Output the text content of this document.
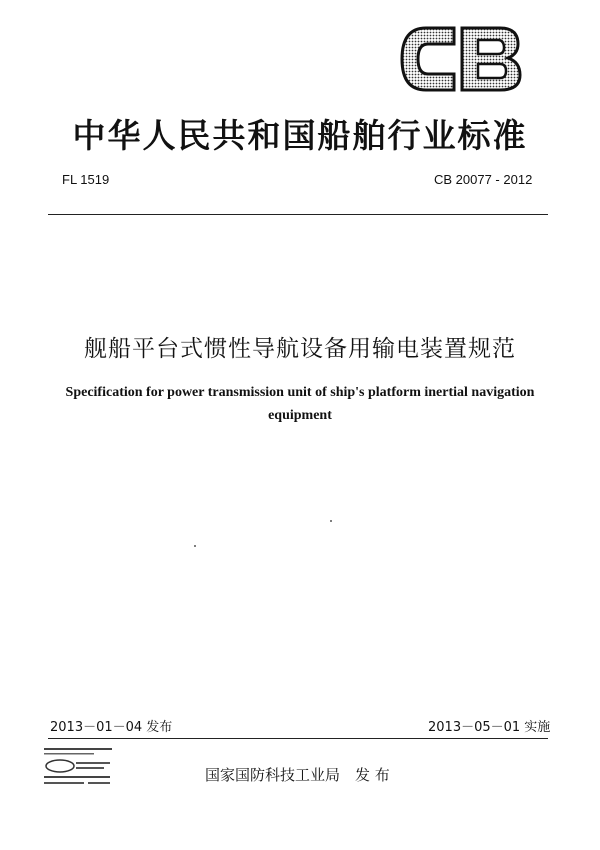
中华人民共和国船舶行业标准
FL 1519	CB 20077 - 2012
舰船平台式惯性导航设备用输电装置规范
Specification for power transmission unit of ship's platform inertial navigation
equipment
2013－01－04 发布	2013－05－01 实施
国家国防科技工业局　发 布
